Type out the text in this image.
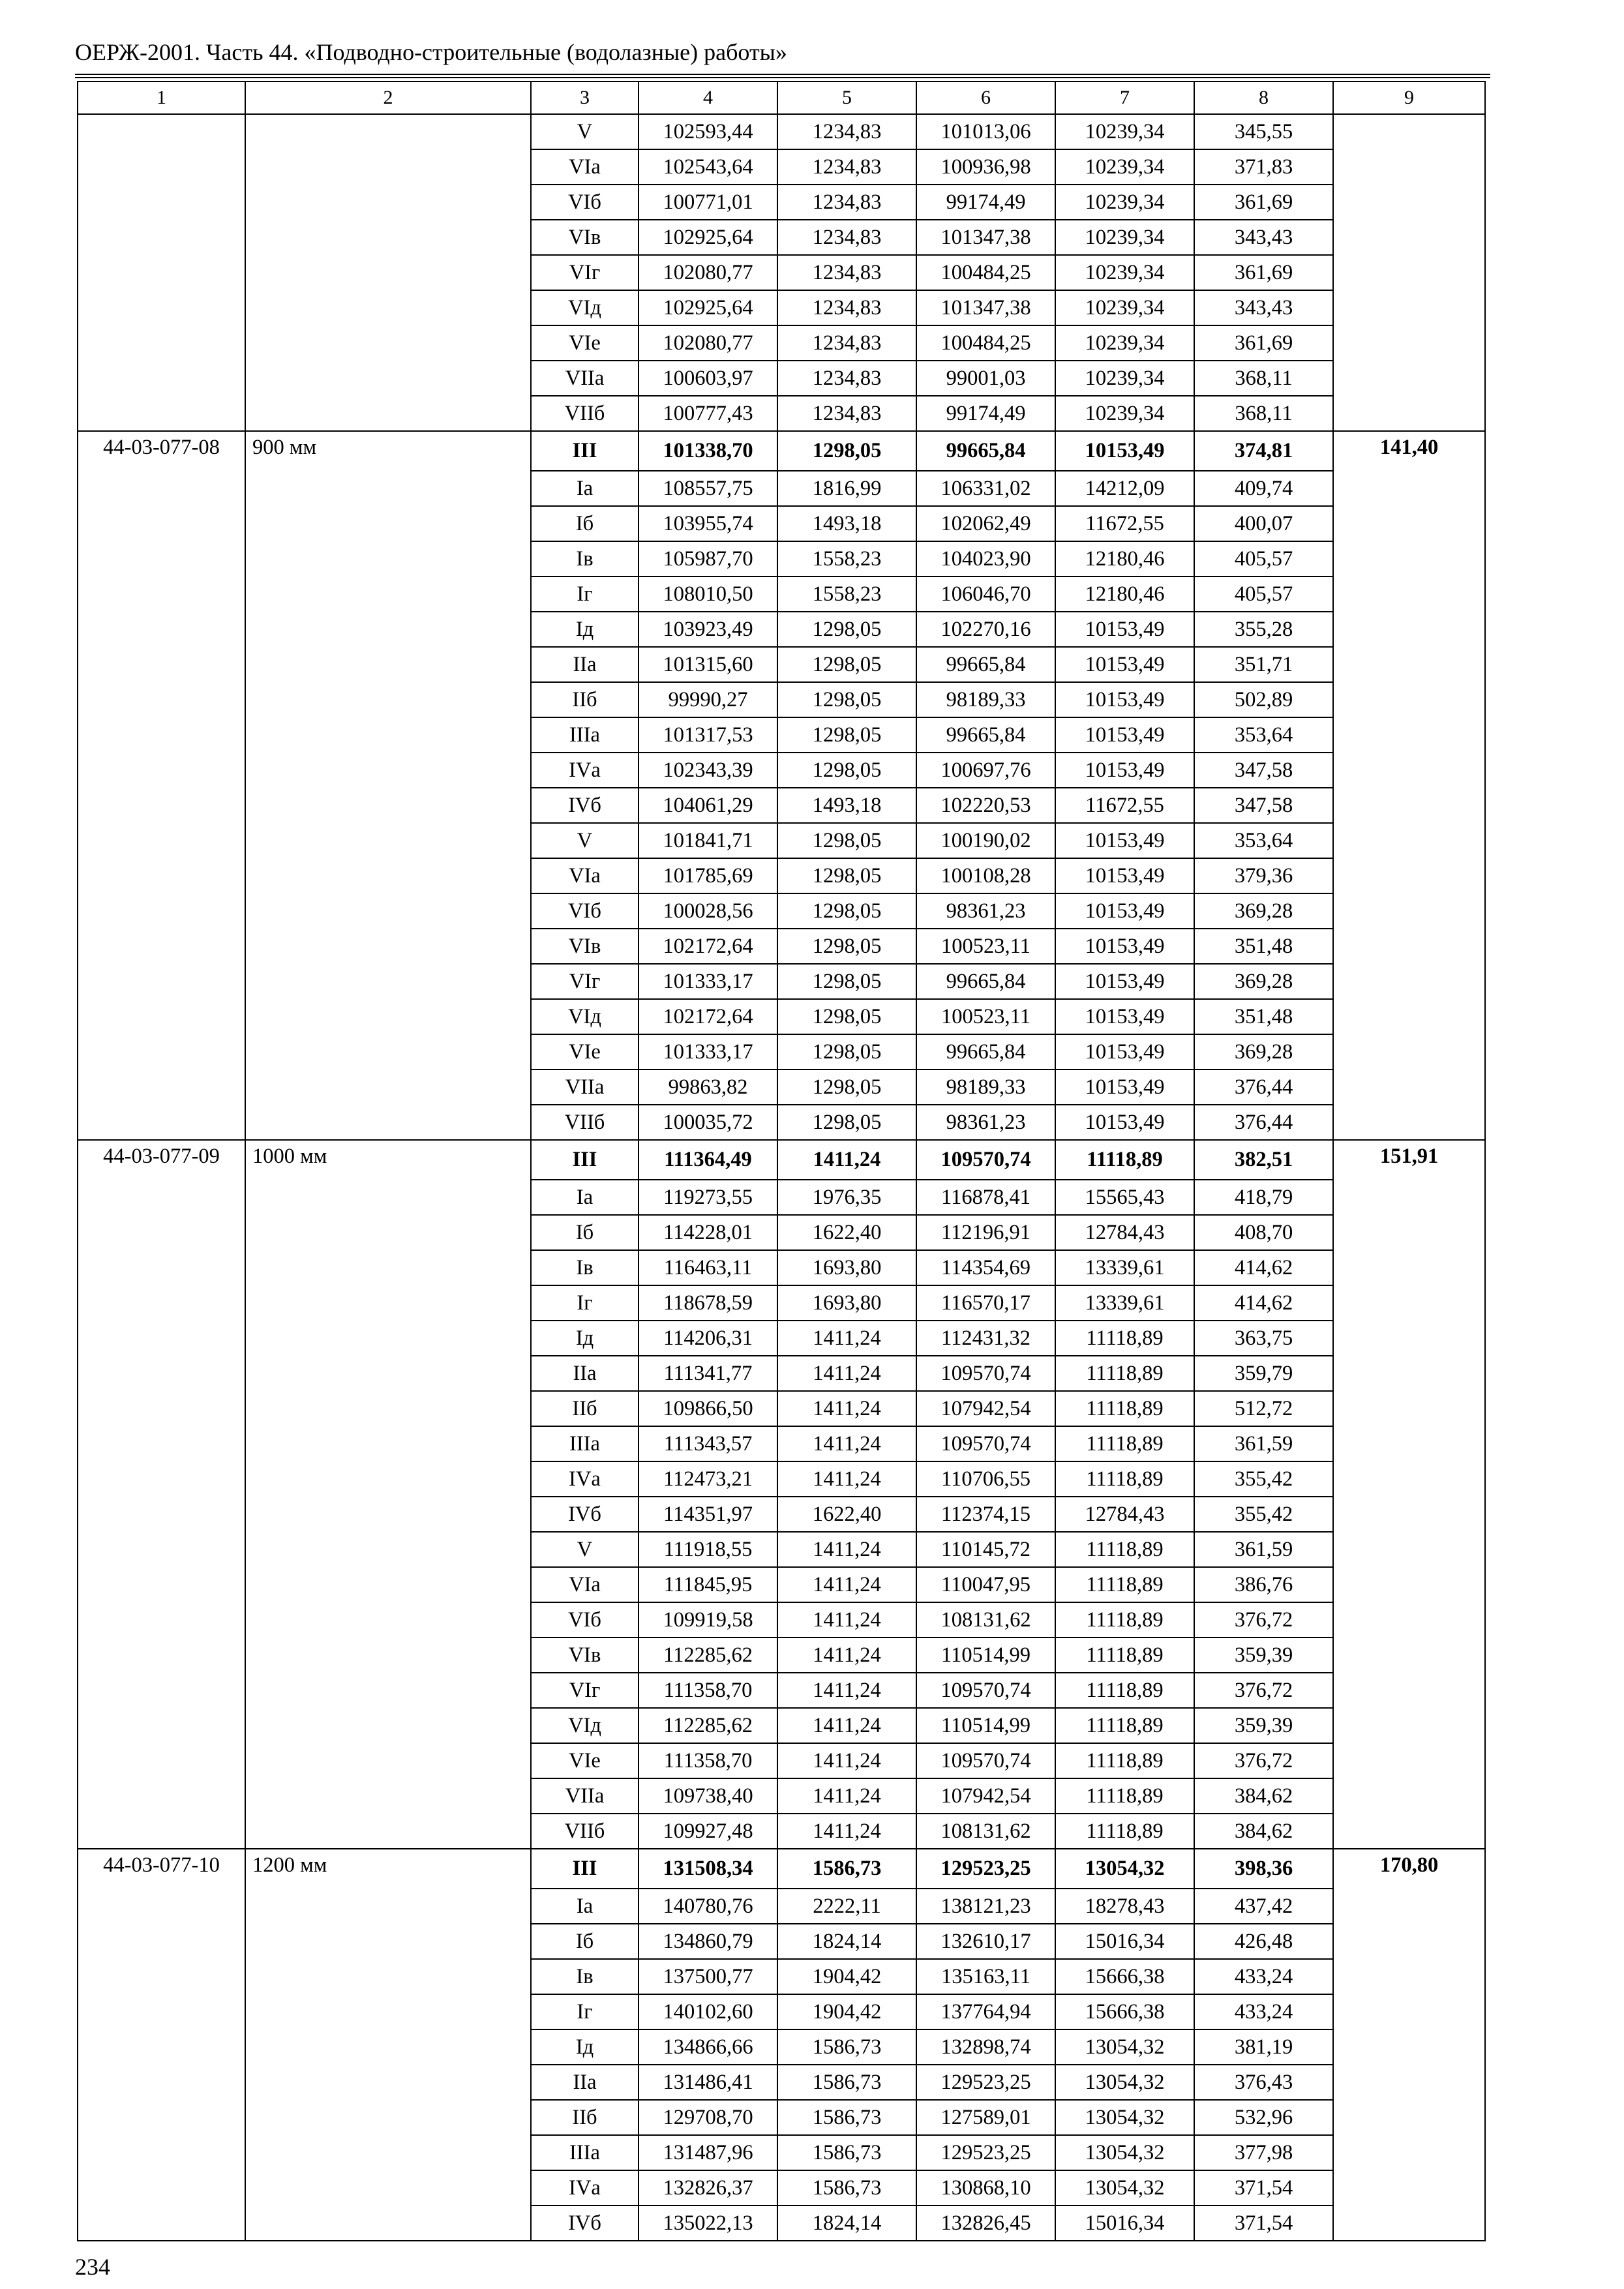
ОЕРЖ-2001. Часть 44. «Подводно-строительные (водолазные) работы»
1	2	3	4	5	6	7	8	9
		V	102593,44	1234,83	101013,06	10239,34	345,55	
		VIа	102543,64	1234,83	100936,98	10239,34	371,83	
		VIб	100771,01	1234,83	99174,49	10239,34	361,69	
		VIв	102925,64	1234,83	101347,38	10239,34	343,43	
		VIг	102080,77	1234,83	100484,25	10239,34	361,69	
		VIд	102925,64	1234,83	101347,38	10239,34	343,43	
		VIе	102080,77	1234,83	100484,25	10239,34	361,69	
		VIIа	100603,97	1234,83	99001,03	10239,34	368,11	
		VIIб	100777,43	1234,83	99174,49	10239,34	368,11	
44-03-077-08	900 мм	III	101338,70	1298,05	99665,84	10153,49	374,81	141,40
		Iа	108557,75	1816,99	106331,02	14212,09	409,74	
		Iб	103955,74	1493,18	102062,49	11672,55	400,07	
		Iв	105987,70	1558,23	104023,90	12180,46	405,57	
		Iг	108010,50	1558,23	106046,70	12180,46	405,57	
		Iд	103923,49	1298,05	102270,16	10153,49	355,28	
		IIа	101315,60	1298,05	99665,84	10153,49	351,71	
		IIб	99990,27	1298,05	98189,33	10153,49	502,89	
		IIIа	101317,53	1298,05	99665,84	10153,49	353,64	
		IVа	102343,39	1298,05	100697,76	10153,49	347,58	
		IVб	104061,29	1493,18	102220,53	11672,55	347,58	
		V	101841,71	1298,05	100190,02	10153,49	353,64	
		VIа	101785,69	1298,05	100108,28	10153,49	379,36	
		VIб	100028,56	1298,05	98361,23	10153,49	369,28	
		VIв	102172,64	1298,05	100523,11	10153,49	351,48	
		VIг	101333,17	1298,05	99665,84	10153,49	369,28	
		VIд	102172,64	1298,05	100523,11	10153,49	351,48	
		VIе	101333,17	1298,05	99665,84	10153,49	369,28	
		VIIа	99863,82	1298,05	98189,33	10153,49	376,44	
		VIIб	100035,72	1298,05	98361,23	10153,49	376,44	
44-03-077-09	1000 мм	III	111364,49	1411,24	109570,74	11118,89	382,51	151,91
		Iа	119273,55	1976,35	116878,41	15565,43	418,79	
		Iб	114228,01	1622,40	112196,91	12784,43	408,70	
		Iв	116463,11	1693,80	114354,69	13339,61	414,62	
		Iг	118678,59	1693,80	116570,17	13339,61	414,62	
		Iд	114206,31	1411,24	112431,32	11118,89	363,75	
		IIа	111341,77	1411,24	109570,74	11118,89	359,79	
		IIб	109866,50	1411,24	107942,54	11118,89	512,72	
		IIIа	111343,57	1411,24	109570,74	11118,89	361,59	
		IVа	112473,21	1411,24	110706,55	11118,89	355,42	
		IVб	114351,97	1622,40	112374,15	12784,43	355,42	
		V	111918,55	1411,24	110145,72	11118,89	361,59	
		VIа	111845,95	1411,24	110047,95	11118,89	386,76	
		VIб	109919,58	1411,24	108131,62	11118,89	376,72	
		VIв	112285,62	1411,24	110514,99	11118,89	359,39	
		VIг	111358,70	1411,24	109570,74	11118,89	376,72	
		VIд	112285,62	1411,24	110514,99	11118,89	359,39	
		VIе	111358,70	1411,24	109570,74	11118,89	376,72	
		VIIа	109738,40	1411,24	107942,54	11118,89	384,62	
		VIIб	109927,48	1411,24	108131,62	11118,89	384,62	
44-03-077-10	1200 мм	III	131508,34	1586,73	129523,25	13054,32	398,36	170,80
		Iа	140780,76	2222,11	138121,23	18278,43	437,42	
		Iб	134860,79	1824,14	132610,17	15016,34	426,48	
		Iв	137500,77	1904,42	135163,11	15666,38	433,24	
		Iг	140102,60	1904,42	137764,94	15666,38	433,24	
		Iд	134866,66	1586,73	132898,74	13054,32	381,19	
		IIа	131486,41	1586,73	129523,25	13054,32	376,43	
		IIб	129708,70	1586,73	127589,01	13054,32	532,96	
		IIIа	131487,96	1586,73	129523,25	13054,32	377,98	
		IVа	132826,37	1586,73	130868,10	13054,32	371,54	
		IVб	135022,13	1824,14	132826,45	15016,34	371,54	
234
